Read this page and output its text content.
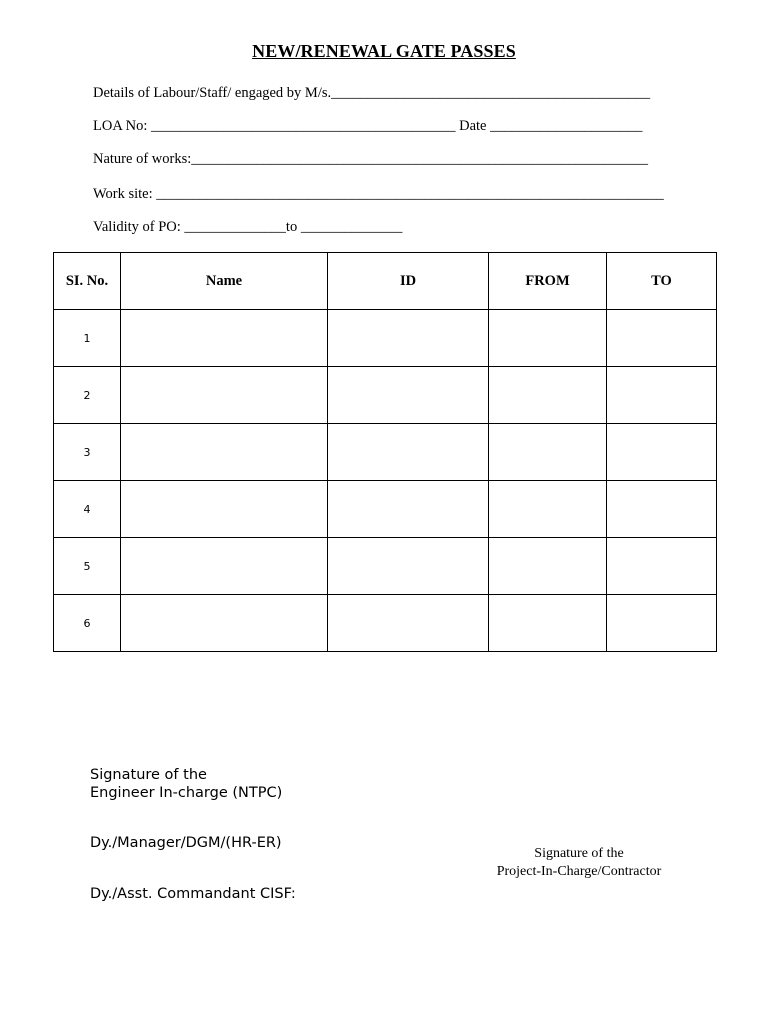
NEW/RENEWAL GATE PASSES
Details of Labour/Staff/ engaged by M/s.____________________________________________
LOA No: __________________________________________ Date _____________________
Nature of works:_______________________________________________________________
Work site: ______________________________________________________________________
Validity of PO: ______________to ______________
SI. No.	Name	ID	FROM	TO
1				
2				
3				
4				
5				
6				
Signature of the
Engineer In-charge (NTPC)
Dy./Manager/DGM/(HR-ER)
Dy./Asst. Commandant CISF:
Signature of the
Project-In-Charge/Contractor
